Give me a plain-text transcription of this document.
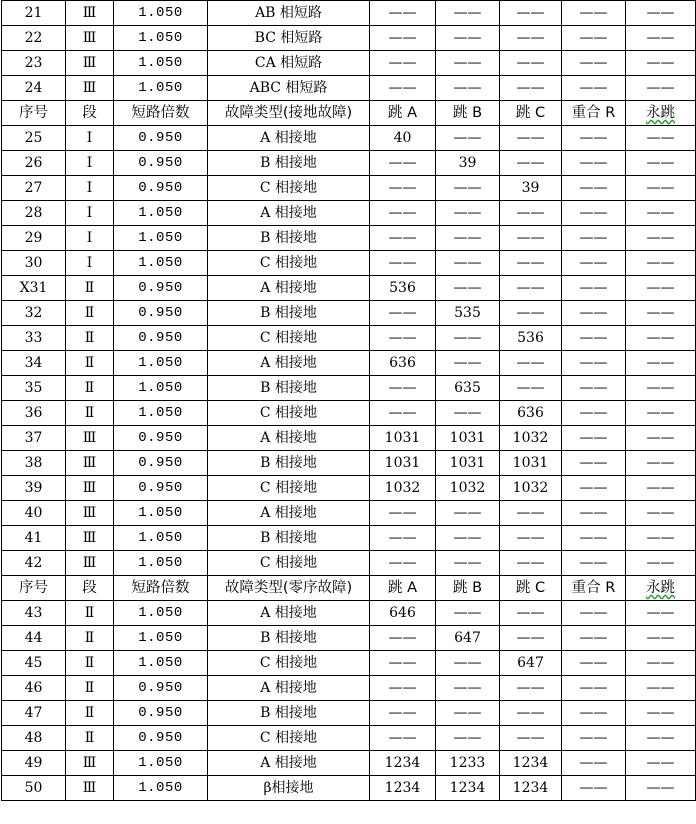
21	Ⅲ	1.050	AB 相短路	——	——	——	——	——
22	Ⅲ	1.050	BC 相短路	——	——	——	——	——
23	Ⅲ	1.050	CA 相短路	——	——	——	——	——
24	Ⅲ	1.050	ABC 相短路	——	——	——	——	——
序号	段	短路倍数	故障类型(接地故障)	跳 A	跳 B	跳 C	重合 R	永跳
25	Ⅰ	0.950	A 相接地	40	——	——	——	——
26	Ⅰ	0.950	B 相接地	——	39	——	——	——
27	Ⅰ	0.950	C 相接地	——	——	39	——	——
28	Ⅰ	1.050	A 相接地	——	——	——	——	——
29	Ⅰ	1.050	B 相接地	——	——	——	——	——
30	Ⅰ	1.050	C 相接地	——	——	——	——	——
X31	Ⅱ	0.950	A 相接地	536	——	——	——	——
32	Ⅱ	0.950	B 相接地	——	535	——	——	——
33	Ⅱ	0.950	C 相接地	——	——	536	——	——
34	Ⅱ	1.050	A 相接地	636	——	——	——	——
35	Ⅱ	1.050	B 相接地	——	635	——	——	——
36	Ⅱ	1.050	C 相接地	——	——	636	——	——
37	Ⅲ	0.950	A 相接地	1031	1031	1032	——	——
38	Ⅲ	0.950	B 相接地	1031	1031	1031	——	——
39	Ⅲ	0.950	C 相接地	1032	1032	1032	——	——
40	Ⅲ	1.050	A 相接地	——	——	——	——	——
41	Ⅲ	1.050	B 相接地	——	——	——	——	——
42	Ⅲ	1.050	C 相接地	——	——	——	——	——
序号	段	短路倍数	故障类型(零序故障)	跳 A	跳 B	跳 C	重合 R	永跳
43	Ⅱ	1.050	A 相接地	646	——	——	——	——
44	Ⅱ	1.050	B 相接地	——	647	——	——	——
45	Ⅱ	1.050	C 相接地	——	——	647	——	——
46	Ⅱ	0.950	A 相接地	——	——	——	——	——
47	Ⅱ	0.950	B 相接地	——	——	——	——	——
48	Ⅱ	0.950	C 相接地	——	——	——	——	——
49	Ⅲ	1.050	A 相接地	1234	1233	1234	——	——
50	Ⅲ	1.050	β相接地	1234	1234	1234	——	——
